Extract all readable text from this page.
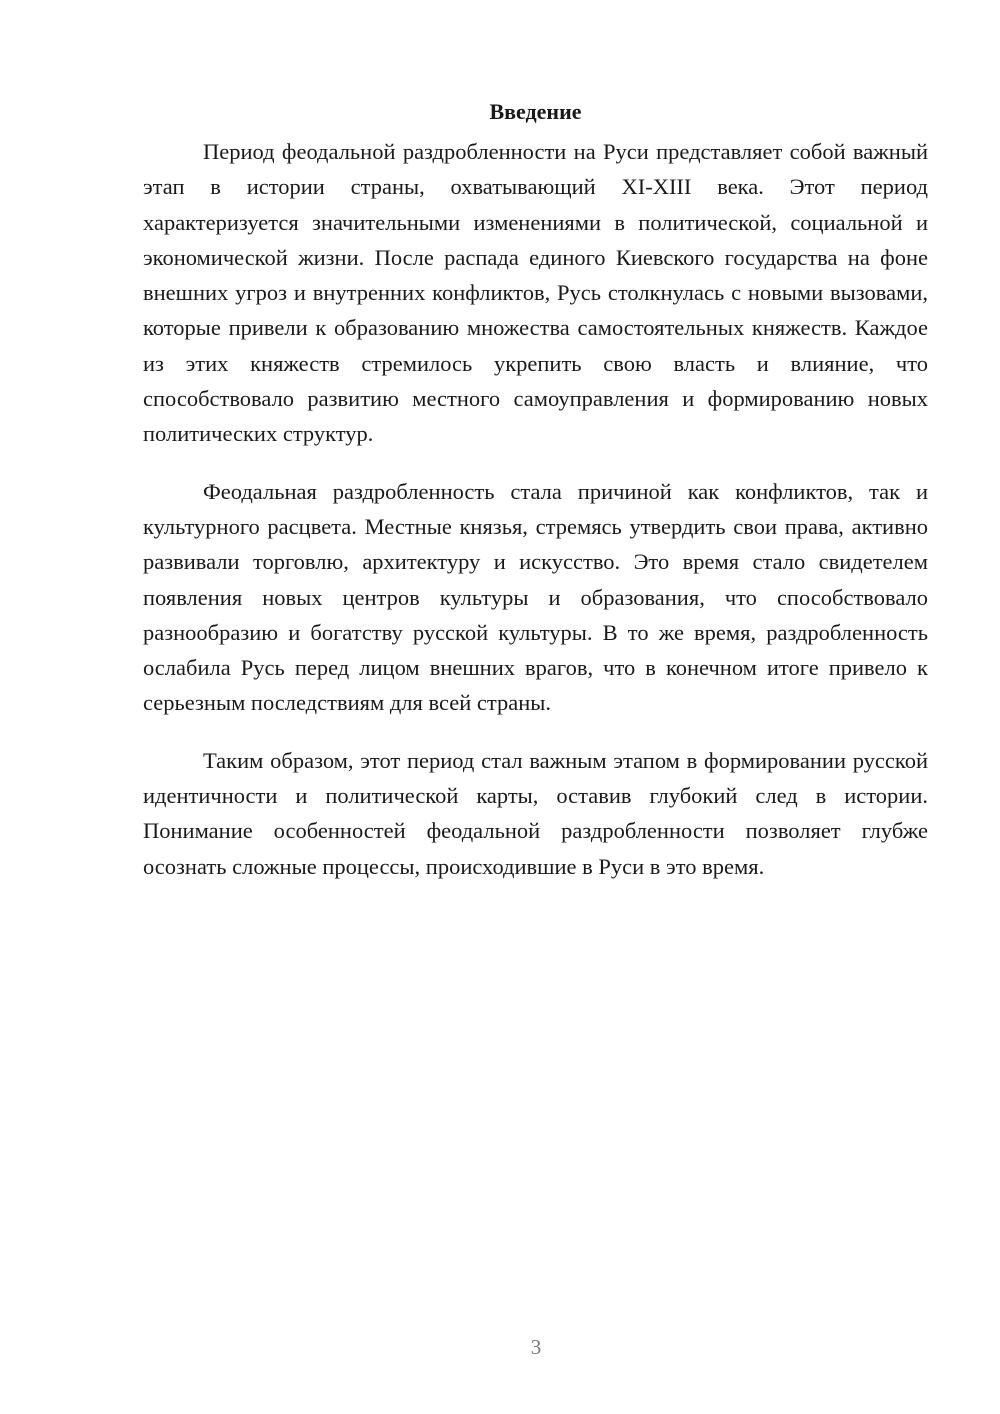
Введение

Период феодальной раздробленности на Руси представляет собой важный этап в истории страны, охватывающий XI-XIII века. Этот период характеризуется значительными изменениями в политической, социальной и экономической жизни. После распада единого Киевского государства на фоне внешних угроз и внутренних конфликтов, Русь столкнулась с новыми вызовами, которые привели к образованию множества самостоятельных княжеств. Каждое из этих княжеств стремилось укрепить свою власть и влияние, что способствовало развитию местного самоуправления и формированию новых политических структур.

Феодальная раздробленность стала причиной как конфликтов, так и культурного расцвета. Местные князья, стремясь утвердить свои права, активно развивали торговлю, архитектуру и искусство. Это время стало свидетелем появления новых центров культуры и образования, что способствовало разнообразию и богатству русской культуры. В то же время, раздробленность ослабила Русь перед лицом внешних врагов, что в конечном итоге привело к серьезным последствиям для всей страны.

Таким образом, этот период стал важным этапом в формировании русской идентичности и политической карты, оставив глубокий след в истории. Понимание особенностей феодальной раздробленности позволяет глубже осознать сложные процессы, происходившие в Руси в это время.

3
